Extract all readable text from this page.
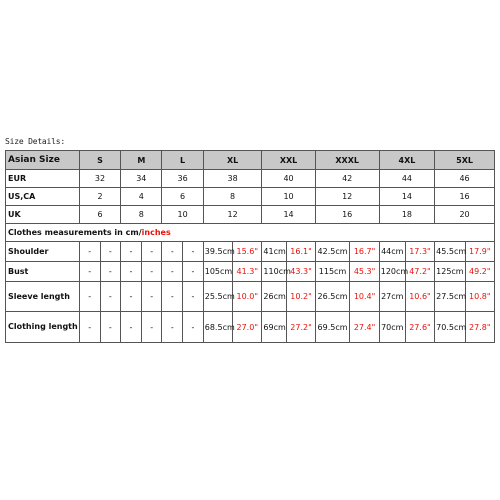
Size Details:
Asian Size	S		M		L		XL		XXL		XXXL		4XL		5XL	
EUR	32		34		36		38		40		42		44		46	
US,CA	2		4		6		8		10		12		14		16	
UK	6		8		10		12		14		16		18		20	
Clothes measurements in cm/inches																
Shoulder	-	-	-	-	-	-	39.5cm	15.6"	41cm	16.1"	42.5cm	16.7"	44cm	17.3"	45.5cm	17.9"
Bust	-	-	-	-	-	-	105cm	41.3"	110cm	43.3"	115cm	45.3"	120cm	47.2"	125cm	49.2"
Sleeve length	-	-	-	-	-	-	25.5cm	10.0"	26cm	10.2"	26.5cm	10.4"	27cm	10.6"	27.5cm	10.8"
Clothing length	-	-	-	-	-	-	68.5cm	27.0"	69cm	27.2"	69.5cm	27.4"	70cm	27.6"	70.5cm	27.8"
